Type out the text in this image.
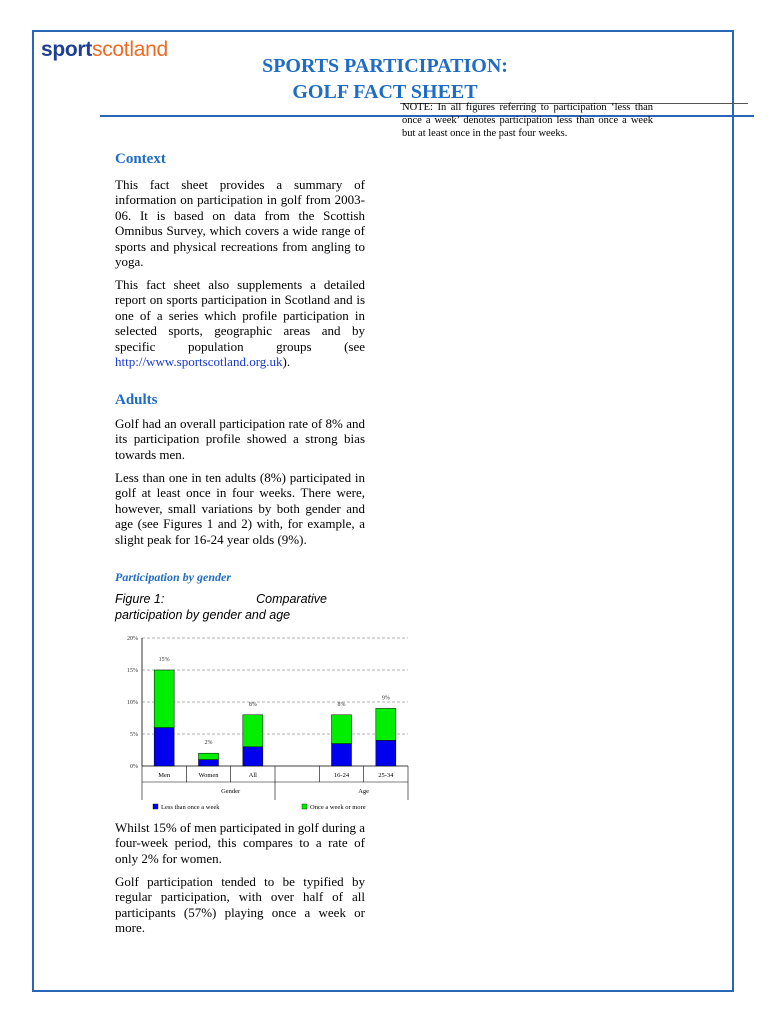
sportscotland
SPORTS PARTICIPATION:
GOLF FACT SHEET
NOTE: In all figures referring to participation ‘less than once a week’ denotes participation less than once a week but at least once in the past four weeks.
Context
This fact sheet provides a summary of information on participation in golf from 2003-06. It is based on data from the Scottish Omnibus Survey, which covers a wide range of sports and physical recreations from angling to yoga.
This fact sheet also supplements a detailed report on sports participation in Scotland and is one of a series which profile participation in selected sports, geographic areas and by specific population groups (see http://www.sportscotland.org.uk).
Adults
Golf had an overall participation rate of 8% and its participation profile showed a strong bias towards men.
Less than one in ten adults (8%) participated in golf at least once in four weeks. There were, however, small variations by both gender and age (see Figures 1 and 2) with, for example, a slight peak for 16-24 year olds (9%).
Participation by gender
Figure 1:	Comparative
participation by gender and age
0%
5%
10%
15%
20%
15%
Men
2%
Women
8%
All
8%
16-24
9%
25-34
Gender	Age
Less than once a week	Once a week or more
Whilst 15% of men participated in golf during a four-week period, this compares to a rate of only 2% for women.
Golf participation tended to be typified by regular participation, with over half of all participants (57%) playing once a week or more.
